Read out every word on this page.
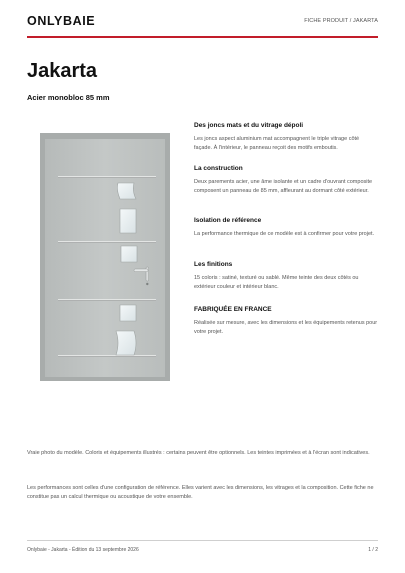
ONLYBAIE	FICHE PRODUIT / JAKARTA
Jakarta
Acier monobloc 85 mm
Des joncs mats et du vitrage dépoli

Les joncs aspect aluminium mat accompagnent le triple vitrage côté façade. À l'intérieur, le panneau reçoit des motifs emboutis.

La construction

Deux parements acier, une âme isolante et un cadre d'ouvrant composite composent un panneau de 85 mm, affleurant au dormant côté extérieur.

Isolation de référence

La performance thermique de ce modèle est à confirmer pour votre projet.

Les finitions

15 coloris : satiné, texturé ou sablé. Même teinte des deux côtés ou extérieur couleur et intérieur blanc.

FABRIQUÉE EN FRANCE

Réalisée sur mesure, avec les dimensions et les équipements retenus pour votre projet.

Vraie photo du modèle. Coloris et équipements illustrés : certains peuvent être optionnels. Les teintes imprimées et à l'écran sont indicatives.
Les performances sont celles d'une configuration de référence. Elles varient avec les dimensions, les vitrages et la composition. Cette fiche ne constitue pas un calcul thermique ou acoustique de votre ensemble.
Onlybaie - Jakarta - Édition du 13 septembre 2026	1 / 2
